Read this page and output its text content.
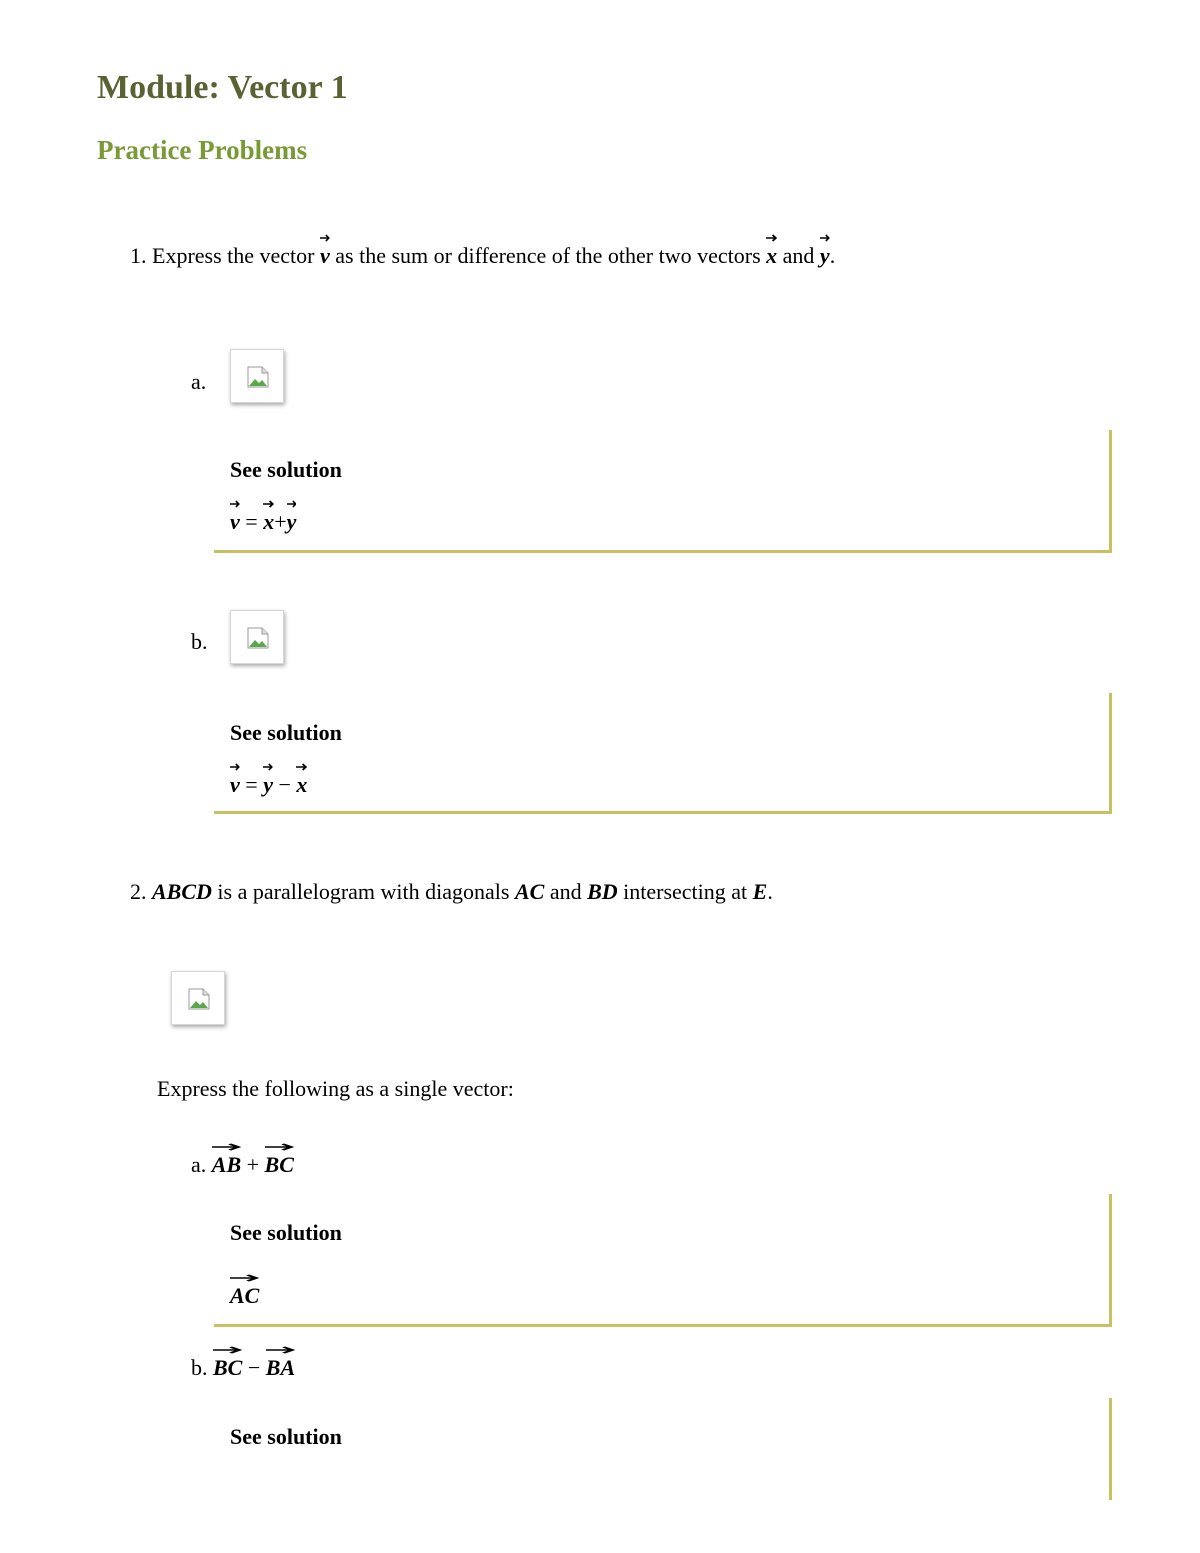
Module: Vector 1
Practice Problems
1. Express the vector v as the sum or difference of the other two vectors x and y.
a.
See solution
v = x+
y
b.
See solution
v = y − x
2. ABCD is a parallelogram with diagonals AC and BD intersecting at E.
Express the following as a single vector:
a. AB + BC
See solution
AC
b. BC − BA
See solution
